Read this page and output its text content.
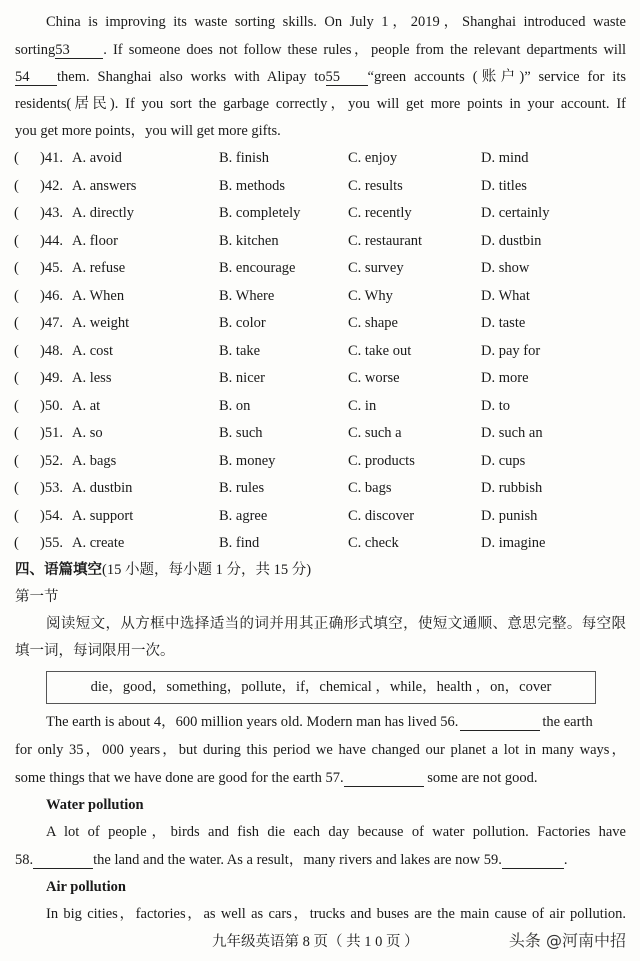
China is improving its waste sorting skills. On July 1，2019，Shanghai introduced waste
sorting53 . If someone does not follow these rules，people from the relevant departments will
54 them. Shanghai also works with Alipay to55 “green accounts (账户)” service for its
residents(居民). If you sort the garbage correctly，you will get more points in your account. If
you get more points，you will get more gifts.
( )41. A. avoid	B. finish	C. enjoy	D. mind
( )42. A. answers	B. methods	C. results	D. titles
( )43. A. directly	B. completely	C. recently	D. certainly
( )44. A. floor	B. kitchen	C. restaurant	D. dustbin
( )45. A. refuse	B. encourage	C. survey	D. show
( )46. A. When	B. Where	C. Why	D. What
( )47. A. weight	B. color	C. shape	D. taste
( )48. A. cost	B. take	C. take out	D. pay for
( )49. A. less	B. nicer	C. worse	D. more
( )50. A. at	B. on	C. in	D. to
( )51. A. so	B. such	C. such a	D. such an
( )52. A. bags	B. money	C. products	D. cups
( )53. A. dustbin	B. rules	C. bags	D. rubbish
( )54. A. support	B. agree	C. discover	D. punish
( )55. A. create	B. find	C. check	D. imagine
四、语篇填空(15 小题，每小题 1 分，共 15 分)
第一节
阅读短文，从方框中选择适当的词并用其正确形式填空，使短文通顺、意思完整。每空限
填一词，每词限用一次。
die，good，something，pollute，if，chemical ，while，health ，on，cover
The earth is about 4，600 million years old. Modern man has lived 56.
	the earth
for only 35，000 years，but during this period we have changed our planet a lot in many ways，
some things that we have done are good for the earth 57.	some are not good.
Water pollution
A lot of people，birds and fish die each day because of water pollution. Factories have
58.	the land and the water. As a result，many rivers and lakes are now 59.	.
Air pollution
In big cities，factories，as well as cars，trucks and buses are the main cause of air pollution.
九年级英语第 8 页（ 共 1 0 页 ）	头条 @河南中招
